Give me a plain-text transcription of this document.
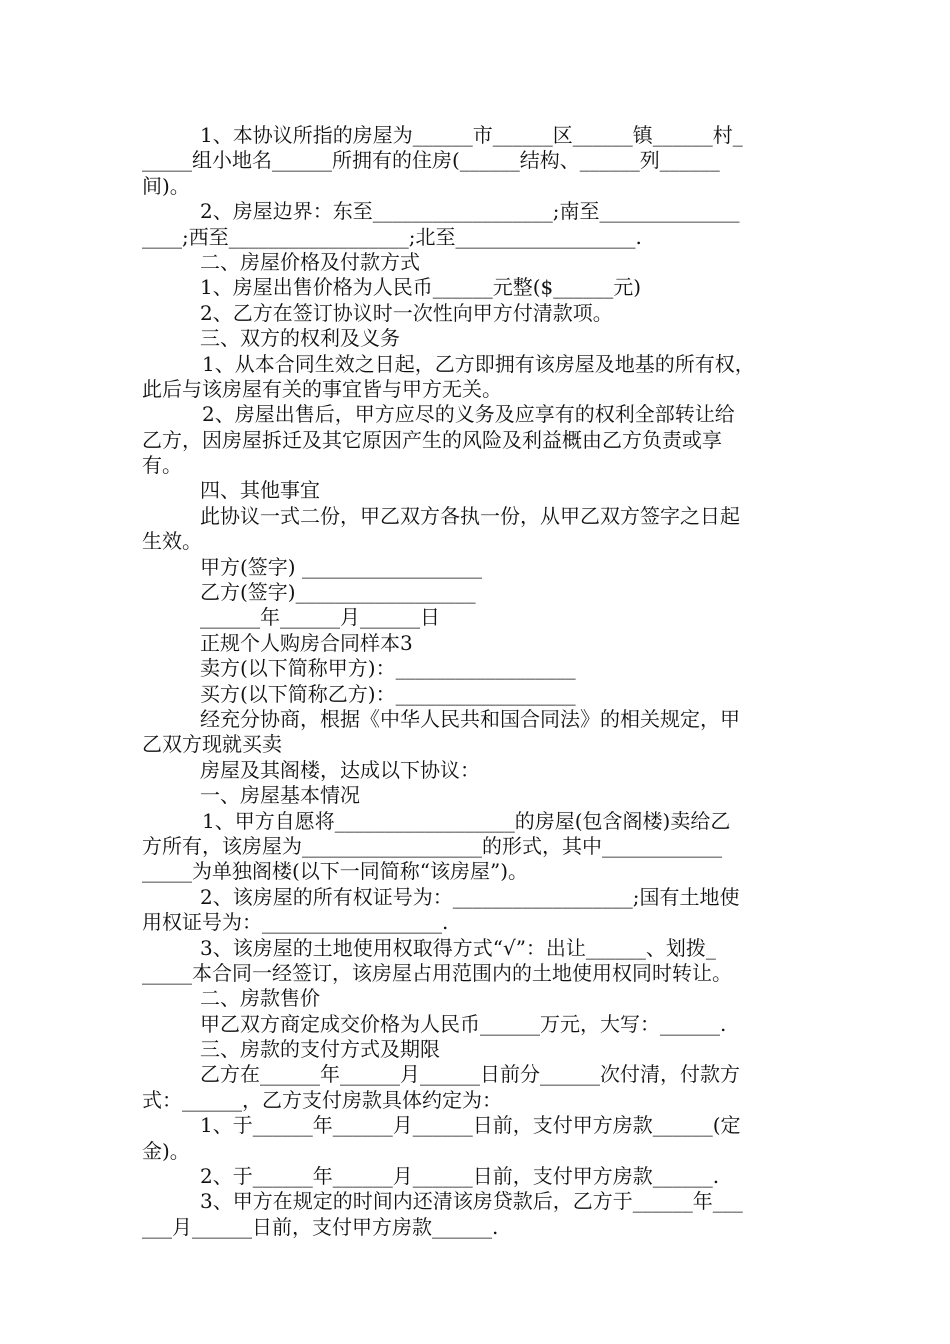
1、本协议所指的房屋为______市______区______镇______村_
_____组小地名______所拥有的住房(______结构、______列______
间)。
2、房屋边界：东至__________________;南至______________
____;西至__________________;北至__________________.
二、房屋价格及付款方式
1、房屋出售价格为人民币______元整($______元)
2、乙方在签订协议时一次性向甲方付清款项。
三、双方的权利及义务
1、从本合同生效之日起，乙方即拥有该房屋及地基的所有权，
此后与该房屋有关的事宜皆与甲方无关。
2、房屋出售后，甲方应尽的义务及应享有的权利全部转让给
乙方，因房屋拆迁及其它原因产生的风险及利益概由乙方负责或享
有。
四、其他事宜
此协议一式二份，甲乙双方各执一份，从甲乙双方签字之日起
生效。
甲方(签字) __________________
乙方(签字)__________________
______年______月______日
正规个人购房合同样本3
卖方(以下简称甲方)：__________________
买方(以下简称乙方)：__________________
经充分协商，根据《中华人民共和国合同法》的相关规定，甲
乙双方现就买卖
房屋及其阁楼，达成以下协议：
一、房屋基本情况
1、甲方自愿将__________________的房屋(包含阁楼)卖给乙
方所有，该房屋为__________________的形式，其中____________
_____为单独阁楼(以下一同简称“该房屋”)。
2、该房屋的所有权证号为：__________________;国有土地使
用权证号为：__________________.
3、该房屋的土地使用权取得方式“√”：出让______、划拨_
_____本合同一经签订，该房屋占用范围内的土地使用权同时转让。
二、房款售价
甲乙双方商定成交价格为人民币______万元，大写：______.
三、房款的支付方式及期限
乙方在______年______月______日前分______次付清，付款方
式：______，乙方支付房款具体约定为：
1、于______年______月______日前，支付甲方房款______(定
金)。
2、于______年______月______日前，支付甲方房款______.
3、甲方在规定的时间内还清该房贷款后，乙方于______年___
___月______日前，支付甲方房款______.
